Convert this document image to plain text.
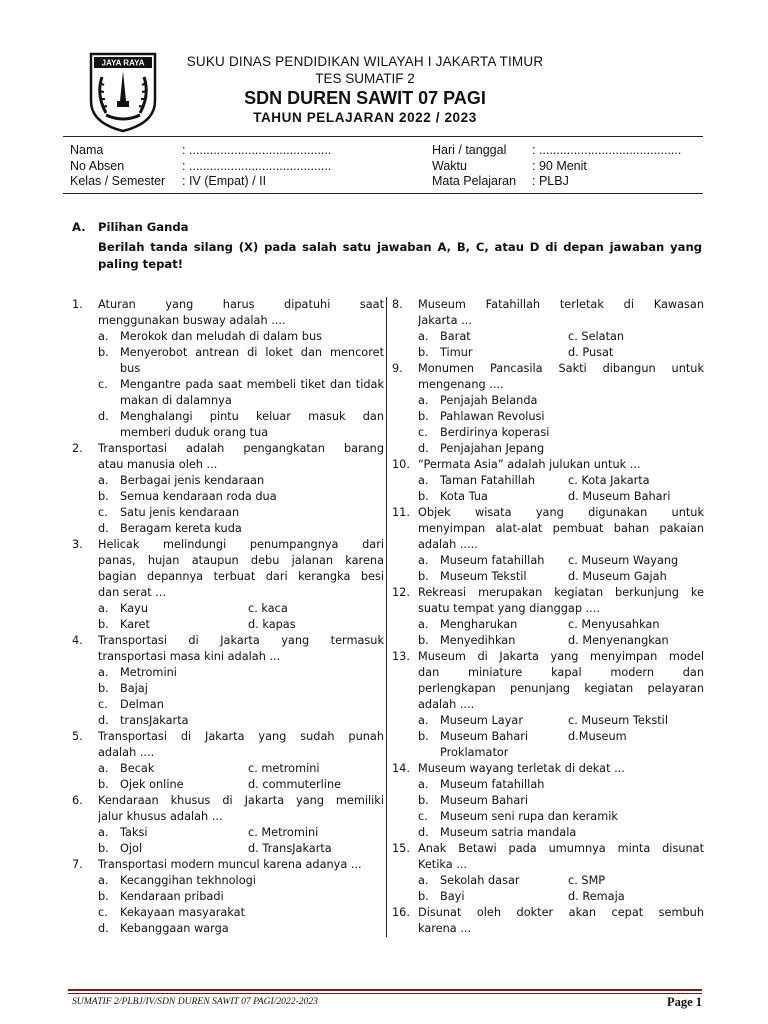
JAYA RAYA	SUKU DINAS PENDIDIKAN WILAYAH I JAKARTA TIMUR
TES SUMATIF 2
SDN DUREN SAWIT 07 PAGI
TAHUN PELAJARAN 2022 / 2023
Nama	: .........................................
No Absen	: .........................................
Kelas / Semester : IV (Empat) / II
Hari / tanggal : .........................................
Waktu	: 90 Menit
Mata Pelajaran : PLBJ
A. Pilihan Ganda
Berilah tanda silang (X) pada salah satu jawaban A, B, C, atau D di depan jawaban yang paling tepat!
1. Aturan yang harus dipatuhi saat
menggunakan busway adalah ....
a. Merokok dan meludah di dalam bus
b. Menyerobot antrean di loket dan mencoret bus
c. Mengantre pada saat membeli tiket dan tidak makan di dalamnya
d. Menghalangi pintu keluar masuk dan memberi duduk orang tua
2. Transportasi adalah pengangkatan barang
atau manusia oleh ...
a. Berbagai jenis kendaraan
b. Semua kendaraan roda dua
c. Satu jenis kendaraan
d. Beragam kereta kuda
3. Helicak melindungi penumpangnya dari
panas, hujan ataupun debu jalanan karena
bagian depannya terbuat dari kerangka besi
dan serat ...
a. Kayu	c. kaca
b. Karet	d. kapas
4. Transportasi di Jakarta yang termasuk
transportasi masa kini adalah ...
a. Metromini
b. Bajaj
c. Delman
d. transJakarta
5. Transportasi di Jakarta yang sudah punah
adalah ....
a. Becak	c. metromini
b. Ojek online	d. commuterline
6. Kendaraan khusus di Jakarta yang memiliki
jalur khusus adalah ...
a. Taksi	c. Metromini
b. Ojol	d. TransJakarta
7. Transportasi modern muncul karena adanya ...
a. Kecanggihan tekhnologi
b. Kendaraan pribadi
c. Kekayaan masyarakat
d. Kebanggaan warga
8. Museum Fatahillah terletak di Kawasan
Jakarta ...
a. Barat	c. Selatan
b. Timur	d. Pusat
9. Monumen Pancasila Sakti dibangun untuk
mengenang ....
a. Penjajah Belanda
b. Pahlawan Revolusi
c. Berdirinya koperasi
d. Penjajahan Jepang
10. “Permata Asia” adalah julukan untuk ...
a. Taman Fatahillah	c. Kota Jakarta
b. Kota Tua	d. Museum Bahari
11. Objek wisata yang digunakan untuk
menyimpan alat-alat pembuat bahan pakaian
adalah .....
a. Museum fatahillah c. Museum Wayang
b. Museum Tekstil	d. Museum Gajah
12. Rekreasi merupakan kegiatan berkunjung ke
suatu tempat yang dianggap ....
a. Mengharukan	c. Menyusahkan
b. Menyedihkan	d. Menyenangkan
13. Museum di Jakarta yang menyimpan model
dan miniature kapal modern dan
perlengkapan penunjang kegiatan pelayaran
adalah ....
a. Museum Layar	c. Museum Tekstil
b. Museum Bahari	d.Museum
Proklamator
14. Museum wayang terletak di dekat ...
a. Museum fatahillah
b. Museum Bahari
c. Museum seni rupa dan keramik
d. Museum satria mandala
15. Anak Betawi pada umumnya minta disunat
Ketika ...
a. Sekolah dasar	c. SMP
b. Bayi	d. Remaja
16. Disunat oleh dokter akan cepat sembuh
karena ...
SUMATIF 2/PLBJ/IV/SDN DUREN SAWIT 07 PAGI/2022-2023	Page 1
